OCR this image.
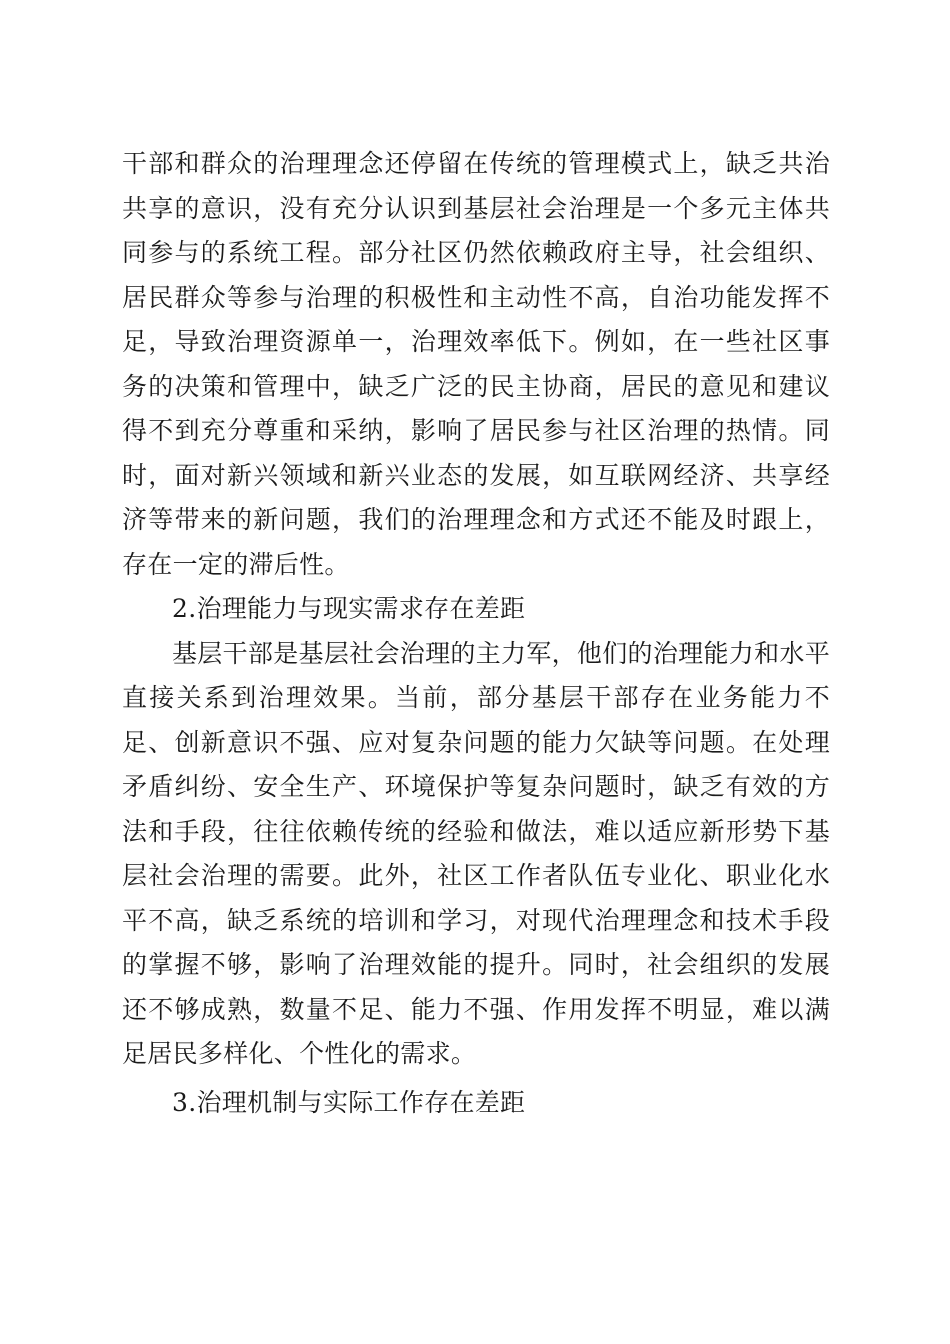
干部和群众的治理理念还停留在传统的管理模式上，缺乏共治共享的意识，没有充分认识到基层社会治理是一个多元主体共同参与的系统工程。部分社区仍然依赖政府主导，社会组织、居民群众等参与治理的积极性和主动性不高，自治功能发挥不足，导致治理资源单一，治理效率低下。例如，在一些社区事务的决策和管理中，缺乏广泛的民主协商，居民的意见和建议得不到充分尊重和采纳，影响了居民参与社区治理的热情。同时，面对新兴领域和新兴业态的发展，如互联网经济、共享经济等带来的新问题，我们的治理理念和方式还不能及时跟上，存在一定的滞后性。

2.治理能力与现实需求存在差距

基层干部是基层社会治理的主力军，他们的治理能力和水平直接关系到治理效果。当前，部分基层干部存在业务能力不足、创新意识不强、应对复杂问题的能力欠缺等问题。在处理矛盾纠纷、安全生产、环境保护等复杂问题时，缺乏有效的方法和手段，往往依赖传统的经验和做法，难以适应新形势下基层社会治理的需要。此外，社区工作者队伍专业化、职业化水平不高，缺乏系统的培训和学习，对现代治理理念和技术手段的掌握不够，影响了治理效能的提升。同时，社会组织的发展还不够成熟，数量不足、能力不强、作用发挥不明显，难以满足居民多样化、个性化的需求。

3.治理机制与实际工作存在差距
